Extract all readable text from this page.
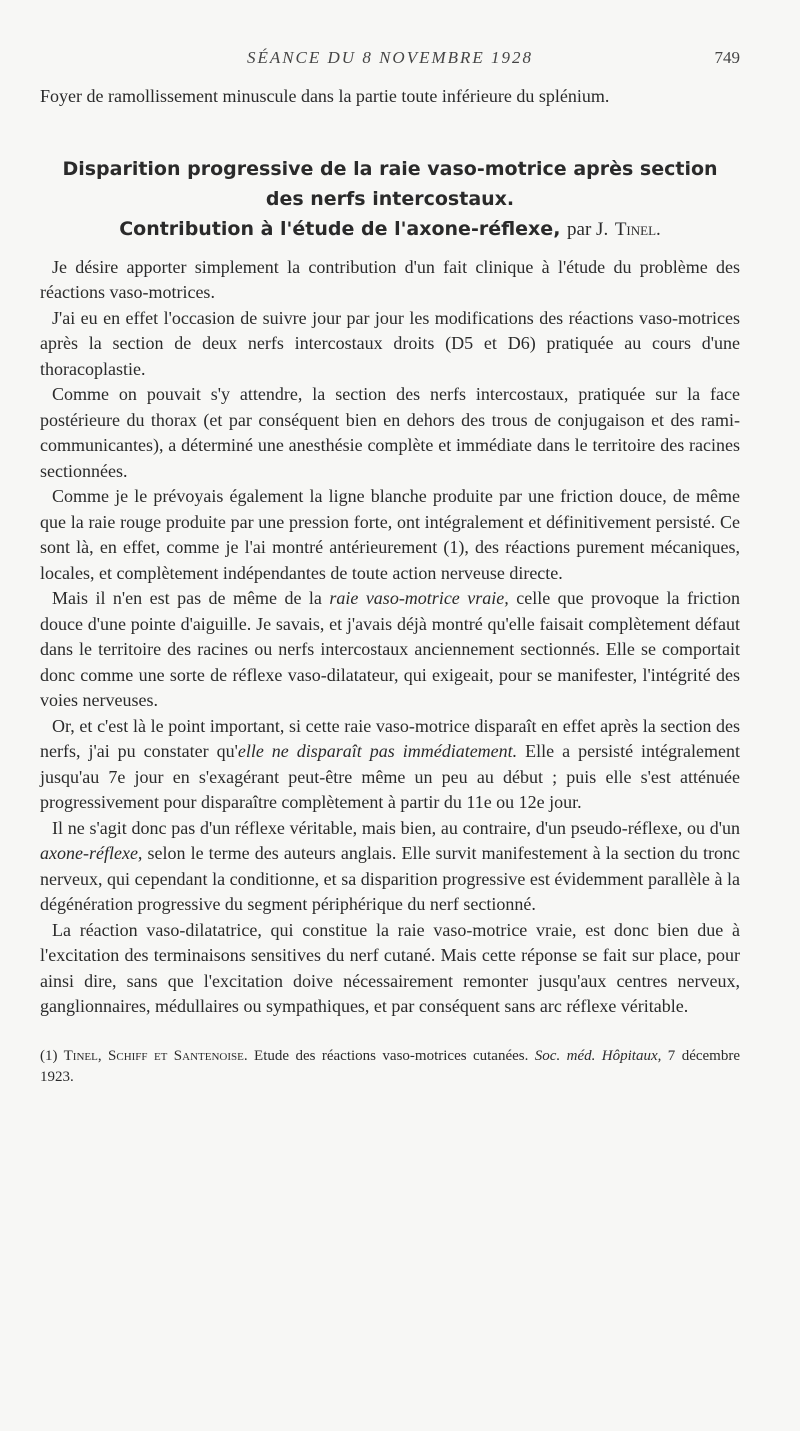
SÉANCE DU 8 NOVEMBRE 1928	749

Foyer de ramollissement minuscule dans la partie toute inférieure du splénium.

Disparition progressive de la raie vaso-motrice après section
des nerfs intercostaux.
Contribution à l'étude de l'axone-réflexe, par J. Tinel.

Je désire apporter simplement la contribution d'un fait clinique à l'étude du problème des réactions vaso-motrices.

J'ai eu en effet l'occasion de suivre jour par jour les modifications des réactions vaso-motrices après la section de deux nerfs intercostaux droits (D5 et D6) pratiquée au cours d'une thoracoplastie.

Comme on pouvait s'y attendre, la section des nerfs intercostaux, pratiquée sur la face postérieure du thorax (et par conséquent bien en dehors des trous de conjugaison et des rami-communicantes), a déterminé une anesthésie complète et immédiate dans le territoire des racines sectionnées.

Comme je le prévoyais également la ligne blanche produite par une friction douce, de même que la raie rouge produite par une pression forte, ont intégralement et définitivement persisté. Ce sont là, en effet, comme je l'ai montré antérieurement (1), des réactions purement mécaniques, locales, et complètement indépendantes de toute action nerveuse directe.

Mais il n'en est pas de même de la raie vaso-motrice vraie, celle que provoque la friction douce d'une pointe d'aiguille. Je savais, et j'avais déjà montré qu'elle faisait complètement défaut dans le territoire des racines ou nerfs intercostaux anciennement sectionnés. Elle se comportait donc comme une sorte de réflexe vaso-dilatateur, qui exigeait, pour se manifester, l'intégrité des voies nerveuses.

Or, et c'est là le point important, si cette raie vaso-motrice disparaît en effet après la section des nerfs, j'ai pu constater qu'elle ne disparaît pas immédiatement. Elle a persisté intégralement jusqu'au 7e jour en s'exagérant peut-être même un peu au début ; puis elle s'est atténuée progressivement pour disparaître complètement à partir du 11e ou 12e jour.

Il ne s'agit donc pas d'un réflexe véritable, mais bien, au contraire, d'un pseudo-réflexe, ou d'un axone-réflexe, selon le terme des auteurs anglais. Elle survit manifestement à la section du tronc nerveux, qui cependant la conditionne, et sa disparition progressive est évidemment parallèle à la dégénération progressive du segment périphérique du nerf sectionné.

La réaction vaso-dilatatrice, qui constitue la raie vaso-motrice vraie, est donc bien due à l'excitation des terminaisons sensitives du nerf cutané. Mais cette réponse se fait sur place, pour ainsi dire, sans que l'excitation doive nécessairement remonter jusqu'aux centres nerveux, ganglionnaires, médullaires ou sympathiques, et par conséquent sans arc réflexe véritable.

(1) Tinel, Schiff et Santenoise. Etude des réactions vaso-motrices cutanées. Soc. méd. Hôpitaux, 7 décembre 1923.
